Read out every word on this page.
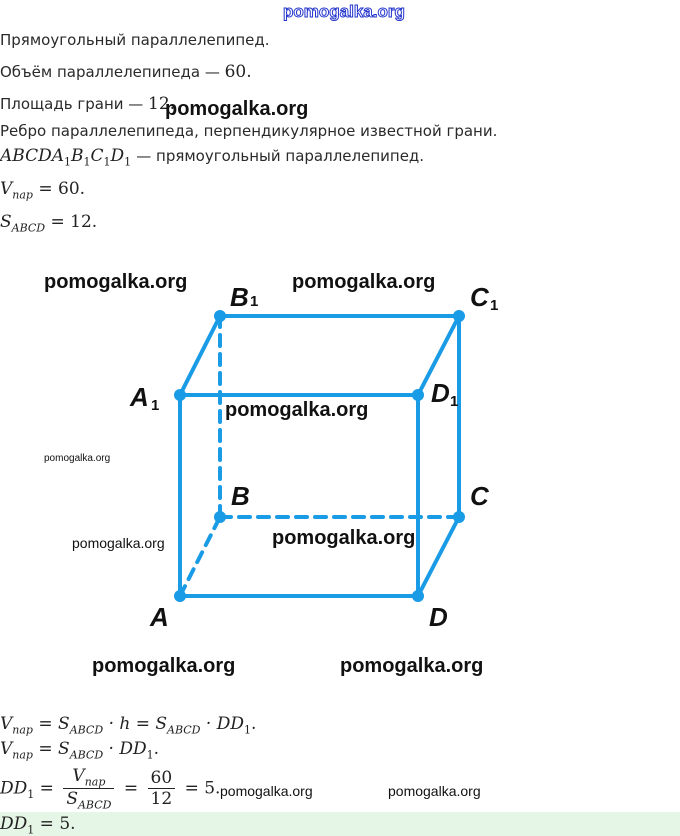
pomogalka.org
Прямоугольный параллелепипед.
Объём параллелепипеда — 60.
Площадь грани — 12.
Ребро параллелепипеда, перпендикулярное известной грани.
$ABCDA_1B_1C_1D_1$ — прямоугольный параллелепипед.
$V_{пар} = 60$.
$S_{ABCD} = 12$.
B 1	C 1
A 1	D 1
B	C
A	D
$V_{пар} = S_{ABCD} \cdot h = S_{ABCD} \cdot DD_1$.
$V_{пар} = S_{ABCD} \cdot DD_1$.
$DD_1 = \frac{V_{пар}}{S_{ABCD}} = \frac{60}{12} = 5$.
$DD_1 = 5$.
pomogalka.org
pomogalka.org	pomogalka.org
pomogalka.org
pomogalka.org
pomogalka.org	pomogalka.org
pomogalka.org	pomogalka.org
pomogalka.org	pomogalka.org
